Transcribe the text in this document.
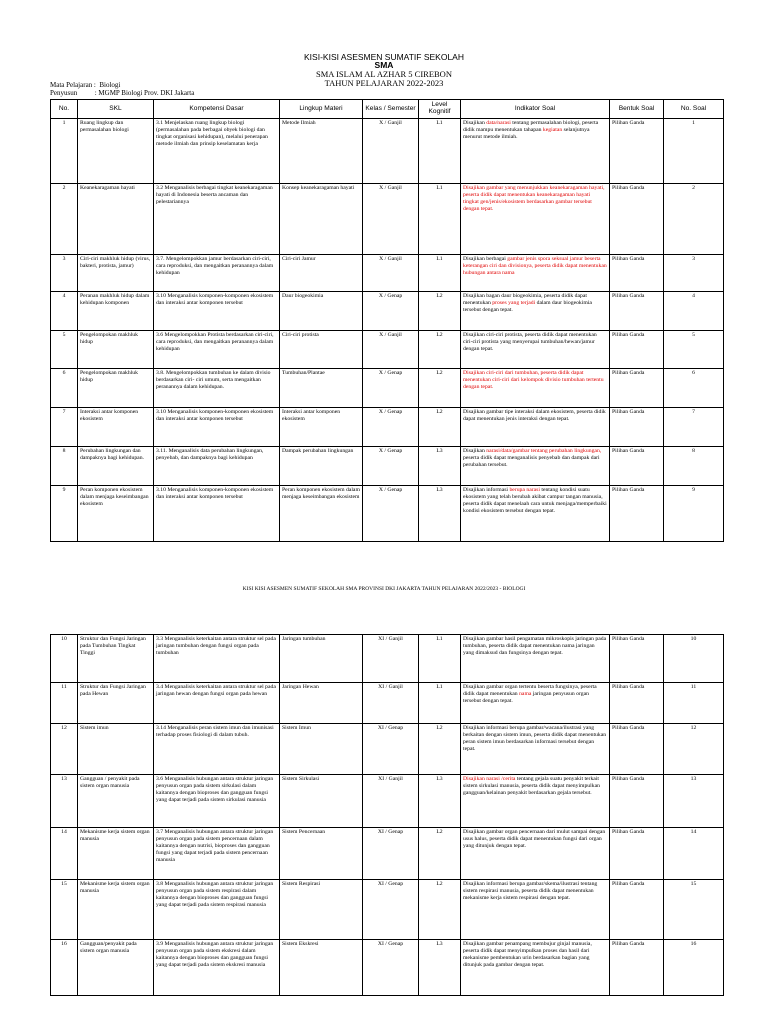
KISI-KISI ASESMEN SUMATIF SEKOLAH
SMA
SMA ISLAM AL AZHAR 5 CIREBON
TAHUN PELAJARAN 2022-2023
Mata Pelajaran :  Biologi
Penyusun          : MGMP Biologi Prov. DKI Jakarta
No.	SKL	Kompetensi Dasar	Lingkup Materi	Kelas / Semester	Level Kognitif	Indikator Soal	Bentuk Soal	No. Soal
1	Ruang lingkup dan permasalahan biologi	3.1 Menjelaskan ruang lingkup biologi (permasalahan pada berbagai obyek biologi dan tingkat organisasi kehidupan), melalui penerapan metode ilmiah dan prinsip keselamatan kerja	Metode Ilmiah	X / Ganjil	L1	Disajikan data/narasi tentang permasalahan biologi, peserta didik mampu menentukan tahapan kegiatan selanjutnya menurut metode ilmiah.	Pilihan Ganda	1
2	Keanekaragaman hayati	3.2 Menganalisis berbagai tingkat keanekaragaman hayati di Indonesia beserta ancaman dan pelestariannya	Konsep keanekaragaman hayati	X / Ganjil	L1	Disajikan gambar yang menunjukkan keanekaragaman hayati, peserta didik dapat menentukan keanekaragaman hayati tingkat gen/jenis/ekosistem berdasarkan gambar tersebut dengan tepat.	Pilihan Ganda	2
3	Ciri-ciri makhluk hidup (virus, bakteri, protista, jamur)	3.7. Mengelompokkan jamur berdasarkan ciri-ciri, cara reproduksi, dan mengaitkan peranannya dalam kehidupan	Ciri-ciri Jamur	X / Ganjil	L1	Disajikan berbagai gambar jenis spora seksual jamur beserta keterangan ciri dan divisionya, peserta didik dapat menentukan hubungan antara nama	Pilihan Ganda	3
4	Peranan makhluk hidup dalam kehidupan komponen	3.10 Menganalisis komponen-komponen ekosistem dan interaksi antar komponen tersebut	Daur biogeokimia	X / Genap	L2	Disajikan bagan daur biogeokimia, peserta didik dapat menentukan proses yang terjadi dalam daur biogeokimia tersebut dengan tepat.	Pilihan Ganda	4
5	Pengelompokan makhluk hidup	3.6 Mengelompokkan Protista berdasarkan ciri-ciri, cara reproduksi, dan mengaitkan peranannya dalam kehidupan	Ciri-ciri protista	X / Ganjil	L2	Disajikan ciri-ciri protista, peserta didik dapat menentukan ciri-ciri protista yang menyerupai tumbuhan/hewan/jamur dengan tepat.	Pilihan Ganda	5
6	Pengelompokan makhluk hidup	3.8. Mengelompokkan tumbuhan ke dalam divisio berdasarkan ciri- ciri umum, serta mengaitkan peranannya dalam kehidupan.	Tumbuhan/Plantae	X / Genap	L2	Disajikan ciri-ciri dari tumbuhan, peserta didik dapat menentukan ciri-ciri dari kelompok divisio tumbuhan tertentu dengan tepat.	Pilihan Ganda	6
7	Interaksi antar komponen ekosistem	3.10 Menganalisis komponen-komponen ekosistem dan interaksi antar komponen tersebut	Interaksi antar komponen ekosistem	X / Genap	L2	Disajikan gambar tipe interaksi dalam ekosistem, peserta didik dapat menentukan jenis interaksi dengan tepat.	Pilihan Ganda	7
8	Perubahan lingkungan dan dampaknya bagi kehidupan.	3.11. Menganalisis data perubahan lingkungan, penyebab, dan dampaknya bagi kehidupan	Dampak perubahan lingkungan	X / Genap	L3	Disajikan narasi/data/gambar tentang perubahan lingkungan, peserta didik dapat menganalisis penyebab dan dampak dari perubahan tersebut.	Pilihan Ganda	8
9	Peran komponen ekosistem dalam menjaga keseimbangan ekosistem	3.10 Menganalisis komponen-komponen ekosistem dan interaksi antar komponen tersebut	Peran komponen ekosistem dalam menjaga keseimbangan ekosistem	X / Genap	L3	Disajikan informasi berupa narasi tentang kondisi suatu ekosistem yang telah berubah akibat campur tangan manusia, peserta didik dapat menelaah cara untuk menjaga/memperbaiki kondisi ekosistem tersebut dengan tepat.	Pilihan Ganda	9
KISI KISI ASESMEN SUMATIF SEKOLAH SMA PROVINSI DKI JAKARTA TAHUN PELAJARAN 2022/2023 - BIOLOGI
10	Struktur dan Fungsi Jaringan pada Tumbuhan Tingkat Tinggi	3.3 Menganalisis keterkaitan antara struktur sel pada jaringan tumbuhan dengan fungsi organ pada tumbuhan	Jaringan tumbuhan	XI / Ganjil	L1	Disajikan gambar hasil pengamatan mikroskopis jaringan pada tumbuhan, peserta didik dapat menentukan nama jaringan yang dimaksud dan fungsinya dengan tepat.	Pilihan Ganda	10
11	Struktur dan Fungsi Jaringan pada Hewan	3.4 Menganalisis keterkaitan antara struktur sel pada jaringan hewan dengan fungsi organ pada hewan	Jaringan Hewan	XI / Ganjil	L1	Disajikan gambar organ tertentu beserta fungsinya, peserta didik dapat menentukan nama jaringan penyusun organ tersebut dengan tepat.	Pilihan Ganda	11
12	Sistem imun	3.14 Menganalisis peran sistem imun dan imunisasi terhadap proses fisiologi di dalam tubuh.	Sistem Imun	XI / Genap	L2	Disajikan informasi berupa gambar/wacana/ilustrasi yang berkaitan dengan sistem imun, peserta didik dapat menentukan peran sistem imun berdasarkan informasi tersebut dengan tepat.	Pilihan Ganda	12
13	Gangguan / penyakit pada sistem organ manusia	3.6 Menganalisis hubungan antara struktur jaringan penyusun organ pada sistem sirkulasi dalam kaitannya dengan bioproses dan gangguan fungsi yang dapat terjadi pada sistem sirkulasi manusia	Sistem Sirkulasi	XI / Ganjil	L3	Disajikan narasi /cerita tentang gejala suatu penyakit terkait sistem sirkulasi manusia, peserta didik dapat menyimpulkan gangguan/kelainan penyakit berdasarkan gejala tersebut.	Pilihan Ganda	13
14	Mekanisme kerja sistem organ manusia	3.7 Menganalisis hubungan antara struktur jaringan penyusun organ pada sistem pencernaan dalam kaitannya dengan nutrisi, bioproses dan gangguan fungsi yang dapat terjadi pada sistem pencernaan manusia	Sistem Pencernaan	XI / Genap	L2	Disajikan gambar organ pencernaan dari mulut sampai dengan usus halus, peserta didik dapat menentukan fungsi dari organ yang ditunjuk dengan tepat.	Pilihan Ganda	14
15	Mekanisme kerja sistem organ manusia	3.8 Menganalisis hubungan antara struktur jaringan penyusun organ pada sistem respirasi dalam kaitannya dengan bioproses dan gangguan fungsi yang dapat terjadi pada sistem respirasi manusia	Sistem Respirasi	XI / Genap	L2	Disajikan informasi berupa gambar/skema/ilustrasi tentang sistem respirasi manusia, peserta didik dapat menentukan mekanisme kerja sistem respirasi dengan tepat.	Pilihan Ganda	15
16	Gangguan/penyakit pada sistem organ manusia	3.9 Menganalisis hubungan antara struktur jaringan penyusun organ pada sistem ekskresi dalam kaitannya dengan bioproses dan gangguan fungsi yang dapat terjadi pada sistem ekskresi manusia	Sistem Ekskresi	XI / Genap	L3	Disajikan gambar penampang membujur ginjal manusia, peserta didik dapat menyimpulkan proses dan hasil dari mekanisme pembentukan urin berdasarkan bagian yang ditunjuk pada gambar dengan tepat.	Pilihan Ganda	16
